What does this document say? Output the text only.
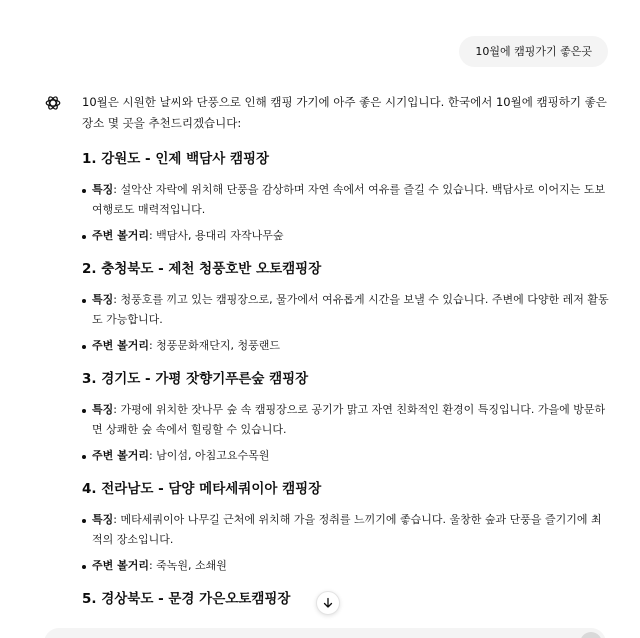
10월에 캠핑가기 좋은곳

10월은 시원한 날씨와 단풍으로 인해 캠핑 가기에 아주 좋은 시기입니다. 한국에서 10월에 캠핑하기 좋은 장소 몇 곳을 추천드리겠습니다:

1. 강원도 - 인제 백담사 캠핑장
특징: 설악산 자락에 위치해 단풍을 감상하며 자연 속에서 여유를 즐길 수 있습니다. 백담사로 이어지는 도보 여행로도 매력적입니다.
주변 볼거리: 백담사, 용대리 자작나무숲
2. 충청북도 - 제천 청풍호반 오토캠핑장
특징: 청풍호를 끼고 있는 캠핑장으로, 물가에서 여유롭게 시간을 보낼 수 있습니다. 주변에 다양한 레저 활동도 가능합니다.
주변 볼거리: 청풍문화재단지, 청풍랜드
3. 경기도 - 가평 잣향기푸른숲 캠핑장
특징: 가평에 위치한 잣나무 숲 속 캠핑장으로 공기가 맑고 자연 친화적인 환경이 특징입니다. 가을에 방문하면 상쾌한 숲 속에서 힐링할 수 있습니다.
주변 볼거리: 남이섬, 아침고요수목원
4. 전라남도 - 담양 메타세쿼이아 캠핑장
특징: 메타세쿼이아 나무길 근처에 위치해 가을 정취를 느끼기에 좋습니다. 울창한 숲과 단풍을 즐기기에 최적의 장소입니다.
주변 볼거리: 죽녹원, 소쇄원
5. 경상북도 - 문경 가은오토캠핑장
